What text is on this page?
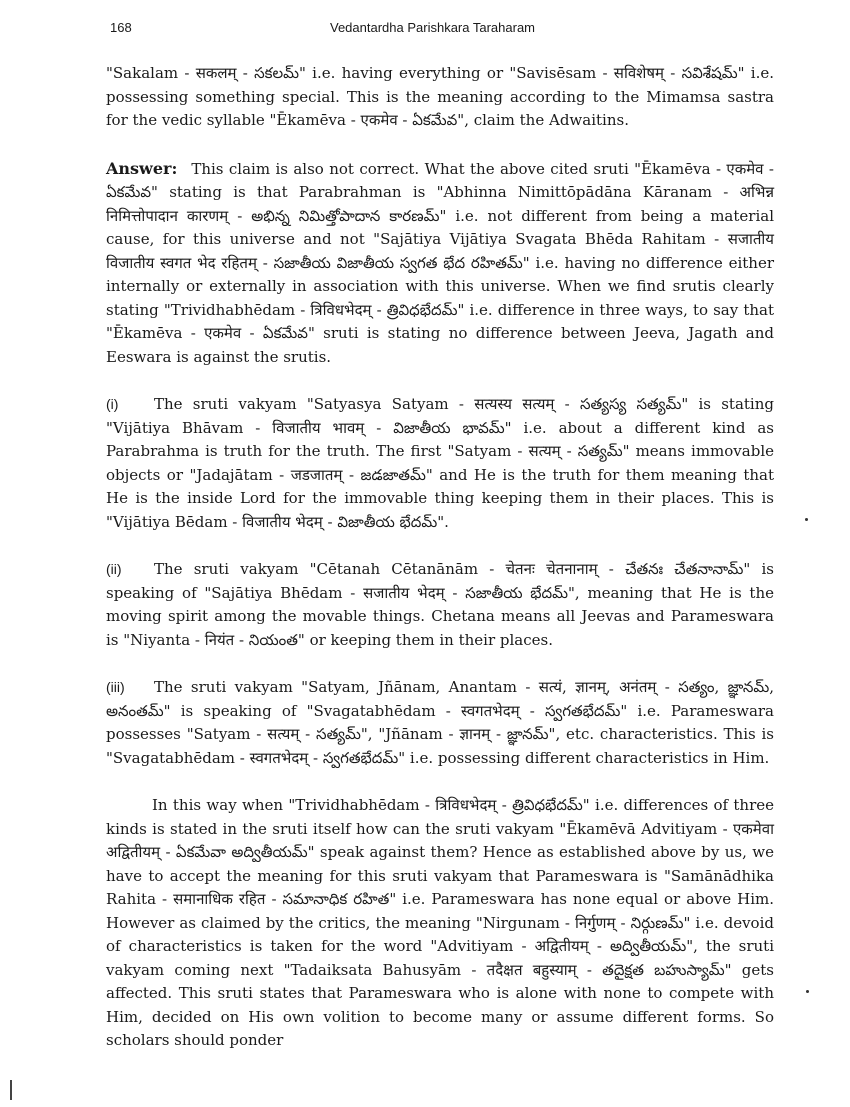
168	Vedantardha Parishkara Taraharam

"Sakalam - सकलम् - సకలమ్" i.e. having everything or "Savisēsam - सविशेषम् - సవిశేషమ్" i.e. possessing something special. This is the meaning according to the Mimamsa sastra for the vedic syllable "Ēkamēva - एकमेव - ఏకమేవ", claim the Adwaitins.

Answer: This claim is also not correct. What the above cited sruti "Ēkamēva - एकमेव - ఏకమేవ" stating is that Parabrahman is "Abhinna Nimittōpādāna Kāranam - अभिन्न निमित्तोपादान कारणम् - అభిన్న నిమిత్తోపాదాన కారణమ్" i.e. not different from being a material cause, for this universe and not "Sajātiya Vijātiya Svagata Bhēda Rahitam - सजातीय विजातीय स्वगत भेद रहितम् - సజాతీయ విజాతీయ స్వగత భేద రహితమ్" i.e. having no difference either internally or externally in association with this universe. When we find srutis clearly stating "Trividhabhēdam - त्रिविधभेदम् - త్రివిధభేదమ్" i.e. difference in three ways, to say that "Ēkamēva - एकमेव - ఏకమేవ" sruti is stating no difference between Jeeva, Jagath and Eeswara is against the srutis.

(i) The sruti vakyam "Satyasya Satyam - सत्यस्य सत्यम् - సత్యస్య సత్యమ్" is stating "Vijātiya Bhāvam - विजातीय भावम् - విజాతీయ భావమ్" i.e. about a different kind as Parabrahma is truth for the truth. The first "Satyam - सत्यम् - సత్యమ్" means immovable objects or "Jadajātam - जडजातम् - జడజాతమ్" and He is the truth for them meaning that He is the inside Lord for the immovable thing keeping them in their places. This is "Vijātiya Bēdam - विजातीय भेदम् - విజాతీయ భేదమ్".

(ii) The sruti vakyam "Cētanah Cētanānām - चेतनः चेतनानाम् - చేతనః చేతనానామ్" is speaking of "Sajātiya Bhēdam - सजातीय भेदम् - సజాతీయ భేదమ్", meaning that He is the moving spirit among the movable things. Chetana means all Jeevas and Parameswara is "Niyanta - नियंत - నియంత" or keeping them in their places.

(iii) The sruti vakyam "Satyam, Jñānam, Anantam - सत्यं, ज्ञानम्, अनंतम् - సత్యం, జ్ఞానమ్, అనంతమ్" is speaking of "Svagatabhēdam - स्वगतभेदम् - స్వగతభేదమ్" i.e. Parameswara possesses "Satyam - सत्यम् - సత్యమ్", "Jñānam - ज्ञानम् - జ్ఞానమ్", etc. characteristics. This is "Svagatabhēdam - स्वगतभेदम् - స్వగతభేదమ్" i.e. possessing different characteristics in Him.

In this way when "Trividhabhēdam - त्रिविधभेदम् - త్రివిధభేదమ్" i.e. differences of three kinds is stated in the sruti itself how can the sruti vakyam "Ēkamēvā Advitiyam - एकमेवा अद्वितीयम् - ఏకమేవా అద్వితీయమ్" speak against them? Hence as established above by us, we have to accept the meaning for this sruti vakyam that Parameswara is "Samānādhika Rahita - समानाधिक रहित - సమానాధిక రహిత" i.e. Parameswara has none equal or above Him. However as claimed by the critics, the meaning "Nirgunam - निर्गुणम् - నిర్గుణమ్" i.e. devoid of characteristics is taken for the word "Advitiyam - अद्वितीयम् - అద్వితీయమ్", the sruti vakyam coming next "Tadaiksata Bahusyām - तदैक्षत बहुस्याम् - తదైక్షత బహుస్యామ్" gets affected. This sruti states that Parameswara who is alone with none to compete with Him, decided on His own volition to become many or assume different forms. So scholars should ponder
